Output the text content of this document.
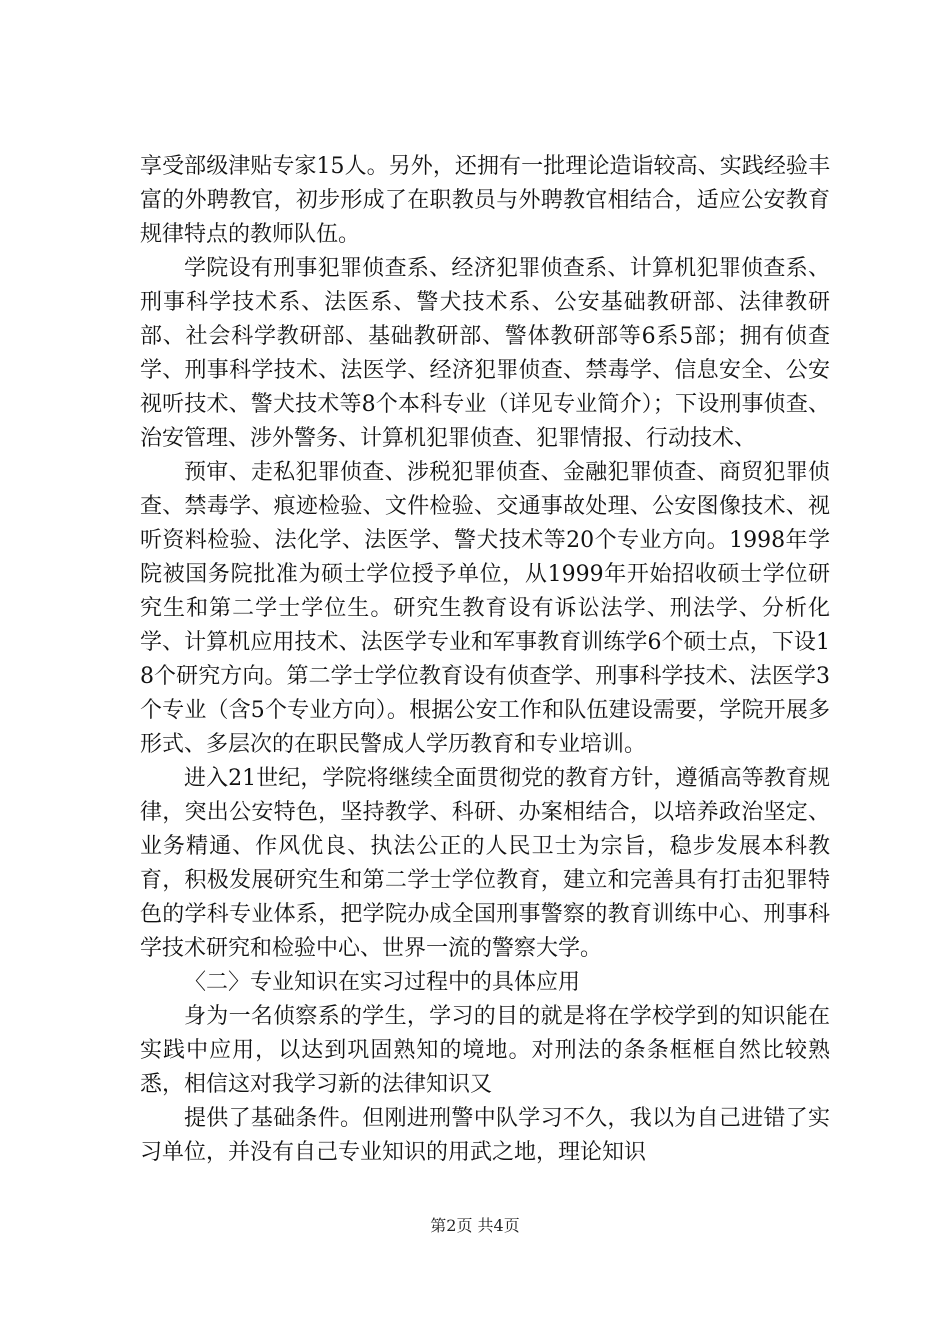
享受部级津贴专家15人。另外，还拥有一批理论造诣较高、实践经验丰富的外聘教官，初步形成了在职教员与外聘教官相结合，适应公安教育规律特点的教师队伍。

学院设有刑事犯罪侦查系、经济犯罪侦查系、计算机犯罪侦查系、刑事科学技术系、法医系、警犬技术系、公安基础教研部、法律教研部、社会科学教研部、基础教研部、警体教研部等6系5部；拥有侦查学、刑事科学技术、法医学、经济犯罪侦查、禁毒学、信息安全、公安视听技术、警犬技术等8个本科专业（详见专业简介）；下设刑事侦查、治安管理、涉外警务、计算机犯罪侦查、犯罪情报、行动技术、

预审、走私犯罪侦查、涉税犯罪侦查、金融犯罪侦查、商贸犯罪侦查、禁毒学、痕迹检验、文件检验、交通事故处理、公安图像技术、视听资料检验、法化学、法医学、警犬技术等20个专业方向。1998年学院被国务院批准为硕士学位授予单位，从1999年开始招收硕士学位研究生和第二学士学位生。研究生教育设有诉讼法学、刑法学、分析化学、计算机应用技术、法医学专业和军事教育训练学6个硕士点，下设18个研究方向。第二学士学位教育设有侦查学、刑事科学技术、法医学3个专业（含5个专业方向）。根据公安工作和队伍建设需要，学院开展多形式、多层次的在职民警成人学历教育和专业培训。

进入21世纪，学院将继续全面贯彻党的教育方针，遵循高等教育规律，突出公安特色，坚持教学、科研、办案相结合，以培养政治坚定、业务精通、作风优良、执法公正的人民卫士为宗旨，稳步发展本科教育，积极发展研究生和第二学士学位教育，建立和完善具有打击犯罪特色的学科专业体系，把学院办成全国刑事警察的教育训练中心、刑事科学技术研究和检验中心、世界一流的警察大学。

〈二〉专业知识在实习过程中的具体应用

身为一名侦察系的学生，学习的目的就是将在学校学到的知识能在实践中应用，以达到巩固熟知的境地。对刑法的条条框框自然比较熟悉，相信这对我学习新的法律知识又

提供了基础条件。但刚进刑警中队学习不久，我以为自己进错了实习单位，并没有自己专业知识的用武之地，理论知识

第2页 共4页
